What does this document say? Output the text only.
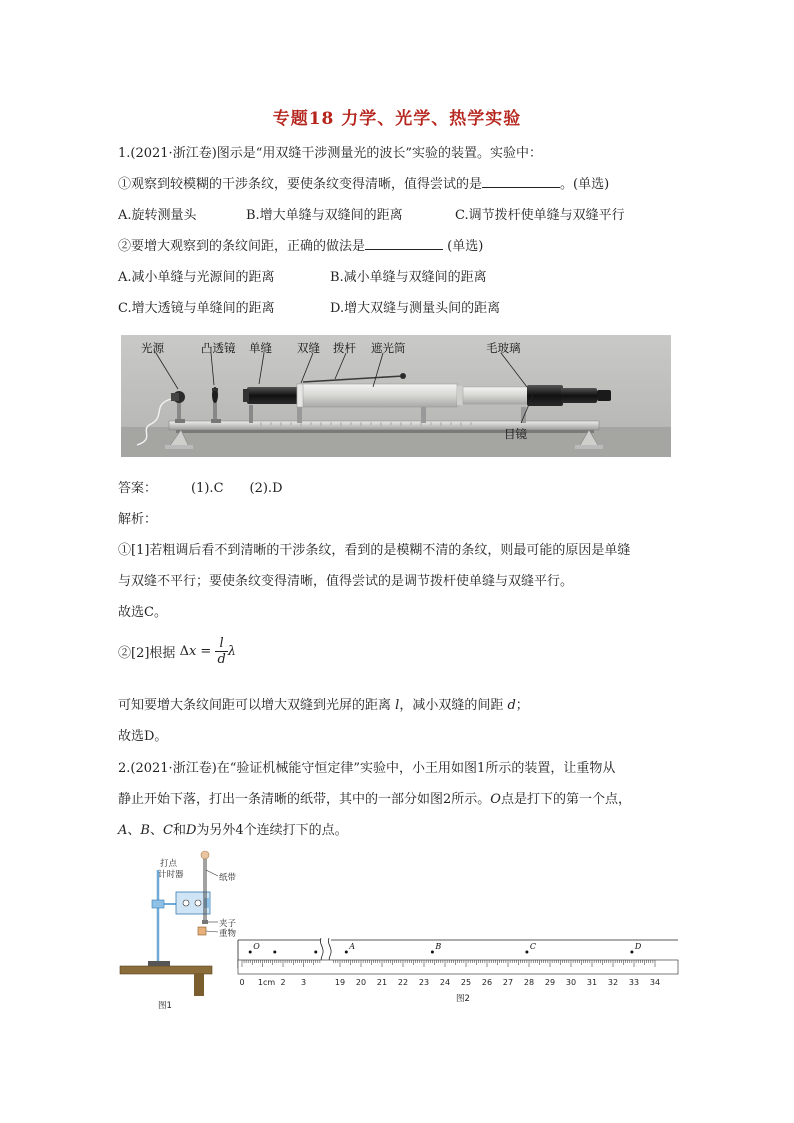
专题18 力学、光学、热学实验
1.(2021·浙江卷)图示是“用双缝干涉测量光的波长”实验的装置。实验中：
①观察到较模糊的干涉条纹，要使条纹变得清晰，值得尝试的是	。(单选)
A.旋转测量头	B.增大单缝与双缝间的距离	C.调节拨杆使单缝与双缝平行
②要增大观察到的条纹间距，正确的做法是	(单选)
A.减小单缝与光源间的距离	B.减小单缝与双缝间的距离
C.增大透镜与单缝间的距离	D.增大双缝与测量头间的距离
光源	凸透镜 单缝 双缝 拨杆 遮光筒	毛玻璃
目镜
答案：	(1).C (2).D
解析：
①[1]若粗调后看不到清晰的干涉条纹，看到的是模糊不清的条纹，则最可能的原因是单缝
与双缝不平行；要使条纹变得清晰，值得尝试的是调节拨杆使单缝与双缝平行。
故选C。
②[2]根据 $\Delta x = \frac{l}{d}$ λ
可知要增大条纹间距可以增大双缝到光屏的距离 l，减小双缝的间距 d；
故选D。
2.(2021·浙江卷)在“验证机械能守恒定律”实验中，小王用如图1所示的装置，让重物从
静止开始下落，打出一条清晰的纸带，其中的一部分如图2所示。O点是打下的第一个点，
A、B、C和D为另外4个连续打下的点。
打点
计时器	纸带
夹子
重物
图1
O	A	B	C	D
0 1cm 2 3	19 20 21 22 23 24 25 26 27 28 29 30 31 32 33 34
图2
